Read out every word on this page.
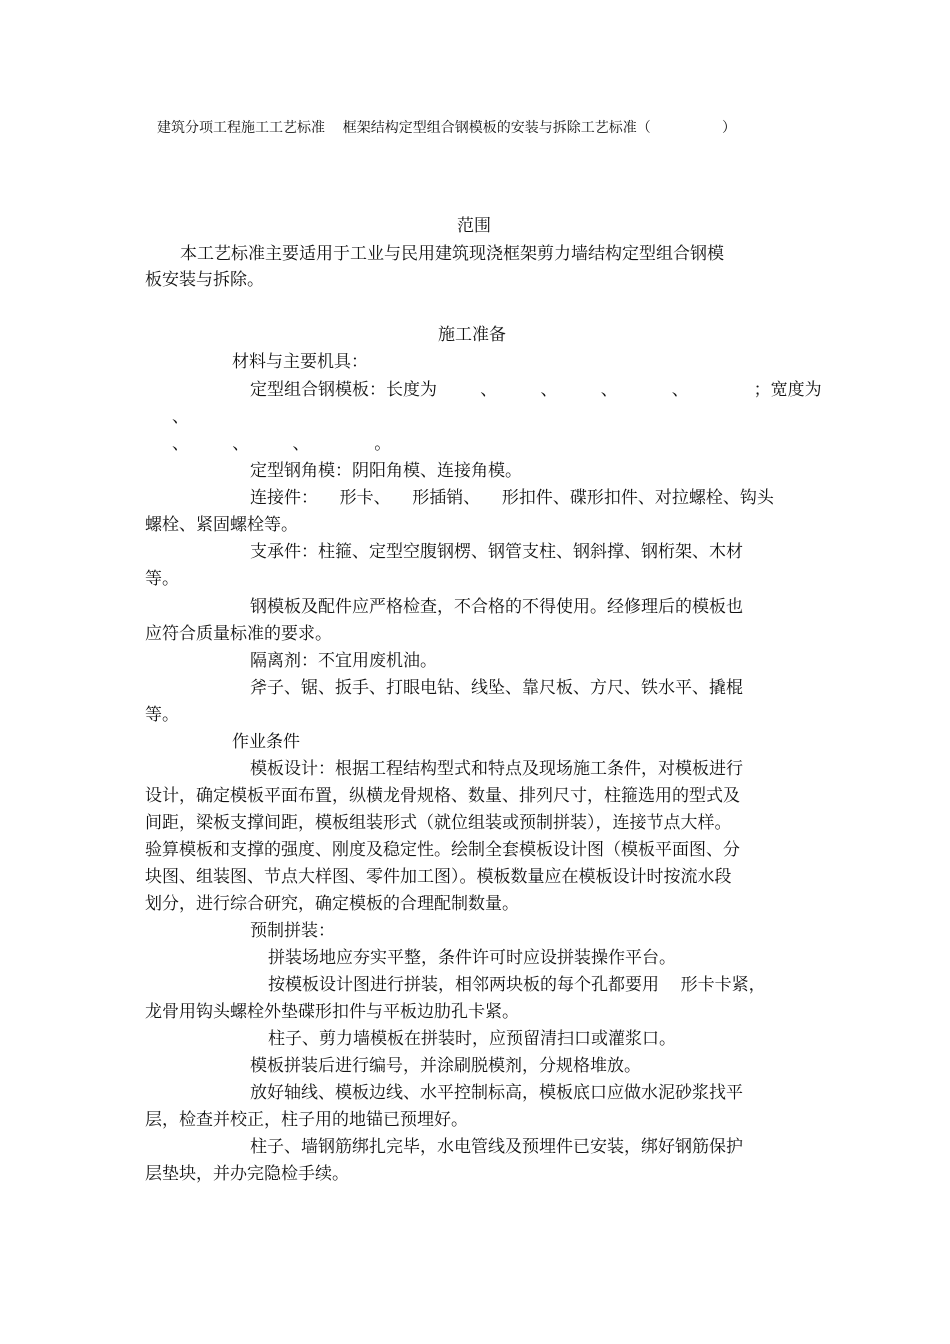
建筑分项工程施工工艺标准    框架结构定型组合钢模板的安装与拆除工艺标准（                ）
范围
本工艺标准主要适用于工业与民用建筑现浇框架剪力墙结构定型组合钢模
板安装与拆除。
施工准备
材料与主要机具：
定型组合钢模板：长度为        、        、        、          、            ；宽度为
、
、        、        、            。
定型钢角模：阴阳角模、连接角模。
连接件：    形卡、    形插销、    形扣件、碟形扣件、对拉螺栓、钩头
螺栓、紧固螺栓等。
支承件：柱箍、定型空腹钢楞、钢管支柱、钢斜撑、钢桁架、木材
等。
钢模板及配件应严格检查，不合格的不得使用。经修理后的模板也
应符合质量标准的要求。
隔离剂：不宜用废机油。
斧子、锯、扳手、打眼电钻、线坠、靠尺板、方尺、铁水平、撬棍
等。
作业条件
模板设计：根据工程结构型式和特点及现场施工条件，对模板进行
设计，确定模板平面布置，纵横龙骨规格、数量、排列尺寸，柱箍选用的型式及
间距，梁板支撑间距，模板组装形式（就位组装或预制拼装），连接节点大样。
验算模板和支撑的强度、刚度及稳定性。绘制全套模板设计图（模板平面图、分
块图、组装图、节点大样图、零件加工图）。模板数量应在模板设计时按流水段
划分，进行综合研究，确定模板的合理配制数量。
预制拼装：
拼装场地应夯实平整，条件许可时应设拼装操作平台。
按模板设计图进行拼装，相邻两块板的每个孔都要用    形卡卡紧，
龙骨用钩头螺栓外垫碟形扣件与平板边肋孔卡紧。
柱子、剪力墙模板在拼装时，应预留清扫口或灌浆口。
模板拼装后进行编号，并涂刷脱模剂，分规格堆放。
放好轴线、模板边线、水平控制标高，模板底口应做水泥砂浆找平
层，检查并校正，柱子用的地锚已预埋好。
柱子、墙钢筋绑扎完毕，水电管线及预埋件已安装，绑好钢筋保护
层垫块，并办完隐检手续。
